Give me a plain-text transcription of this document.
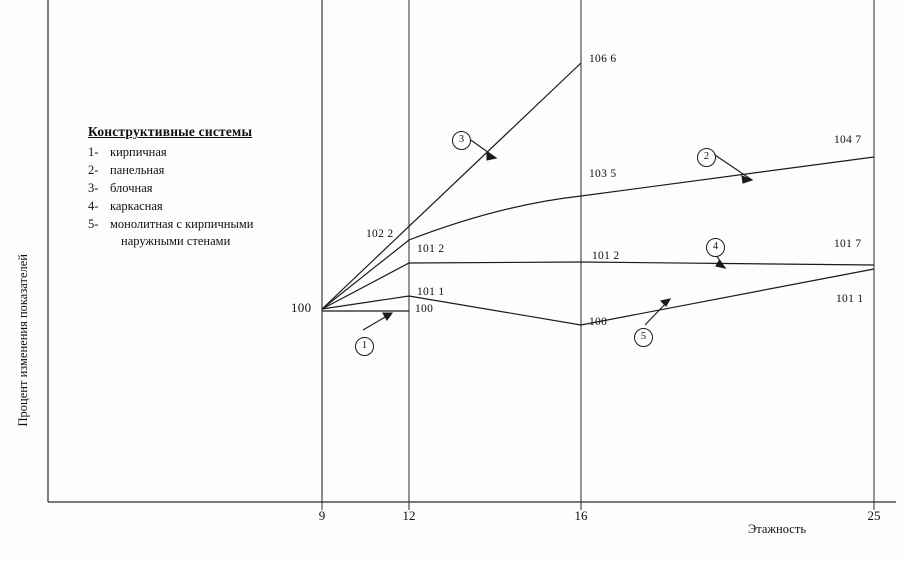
Конструктивные системы
1- кирпичная
2- панельная
3- блочная
4- каркасная
5- монолитная с кирпичными
наружными стенами
Процент изменения показателей
Этажность
9	12	16	25
106 6
104 7
103 5
102 2
101 2
101 2
101 7
101 1
101 1
100
100
100
1
2
3
4
5
